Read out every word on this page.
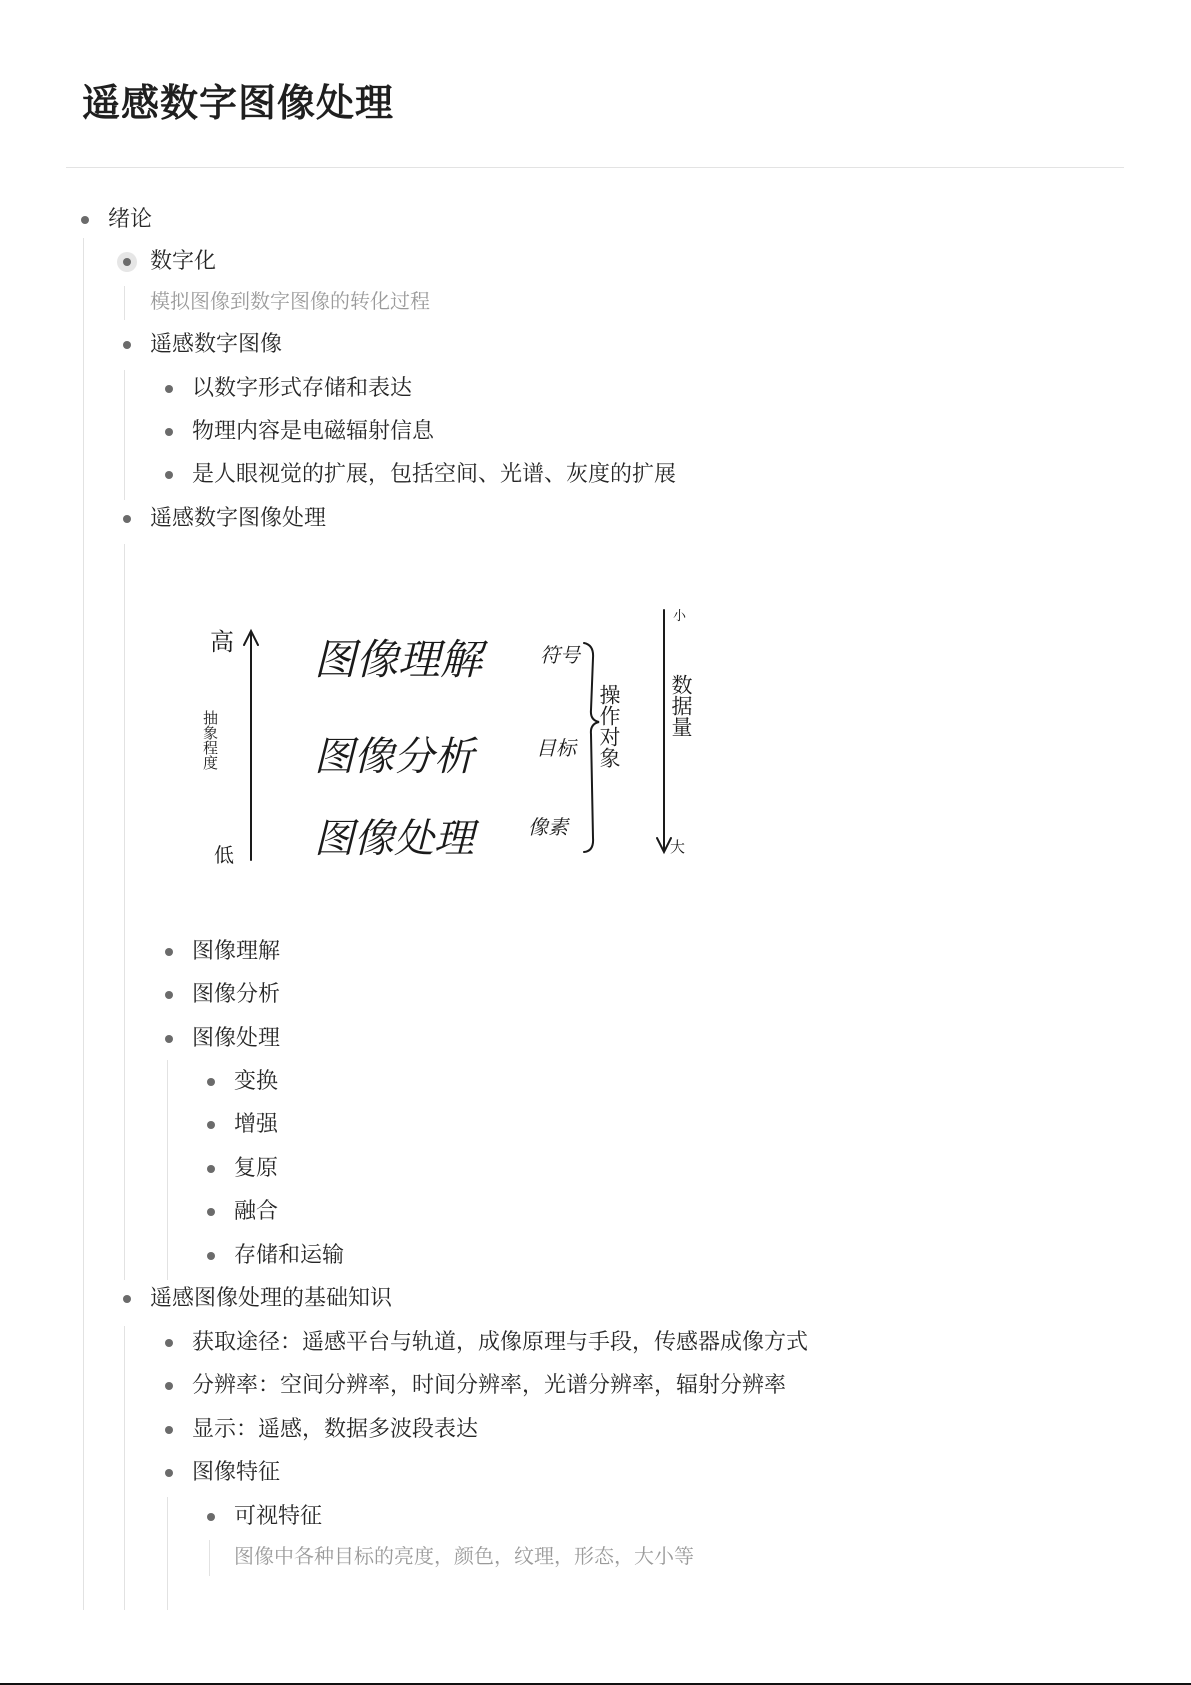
遥感数字图像处理
绪论
数字化
模拟图像到数字图像的转化过程
遥感数字图像
以数字形式存储和表达
物理内容是电磁辐射信息
是人眼视觉的扩展，包括空间、光谱、灰度的扩展
遥感数字图像处理
高
低
抽象程度
图像理解
图像分析
图像处理
符号
目标
像素
操作对象
小
大
数据量
图像理解
图像分析
图像处理
变换
增强
复原
融合
存储和运输
遥感图像处理的基础知识
获取途径：遥感平台与轨道，成像原理与手段，传感器成像方式
分辨率：空间分辨率，时间分辨率，光谱分辨率，辐射分辨率
显示：遥感，数据多波段表达
图像特征
可视特征
图像中各种目标的亮度，颜色，纹理，形态，大小等
